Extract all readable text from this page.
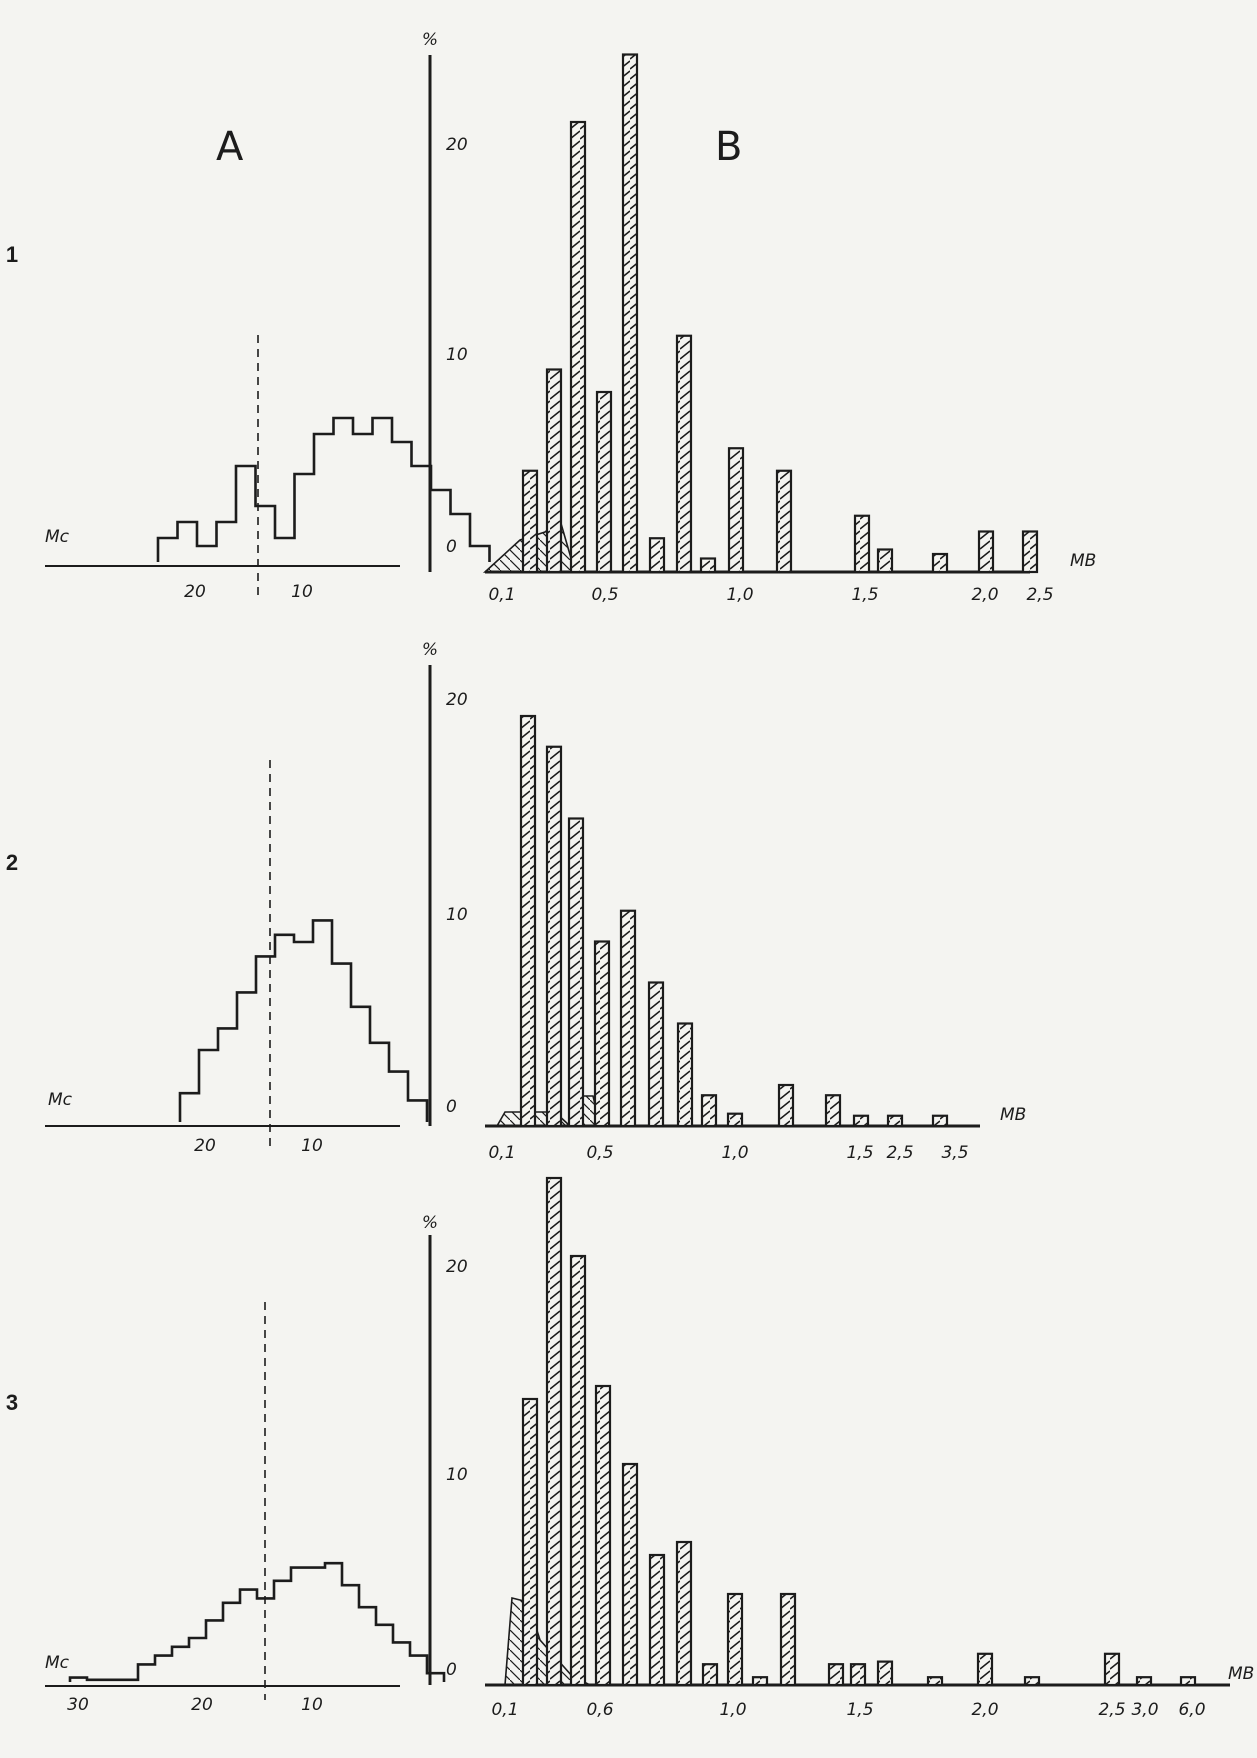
A	B
1
Mc
20	10
%
0
10
20
MB
0,1	0,5	1,0	1,5	2,0 2,5
2
Mc
20	10
%
0
10
20
MB
0,1	0,5	1,0	1,5 2,5 3,5
3
Mc
30	20	10
%
0
10
20
MB
0,1	0,6	1,0	1,5	2,0	2,5 3,0 6,0
